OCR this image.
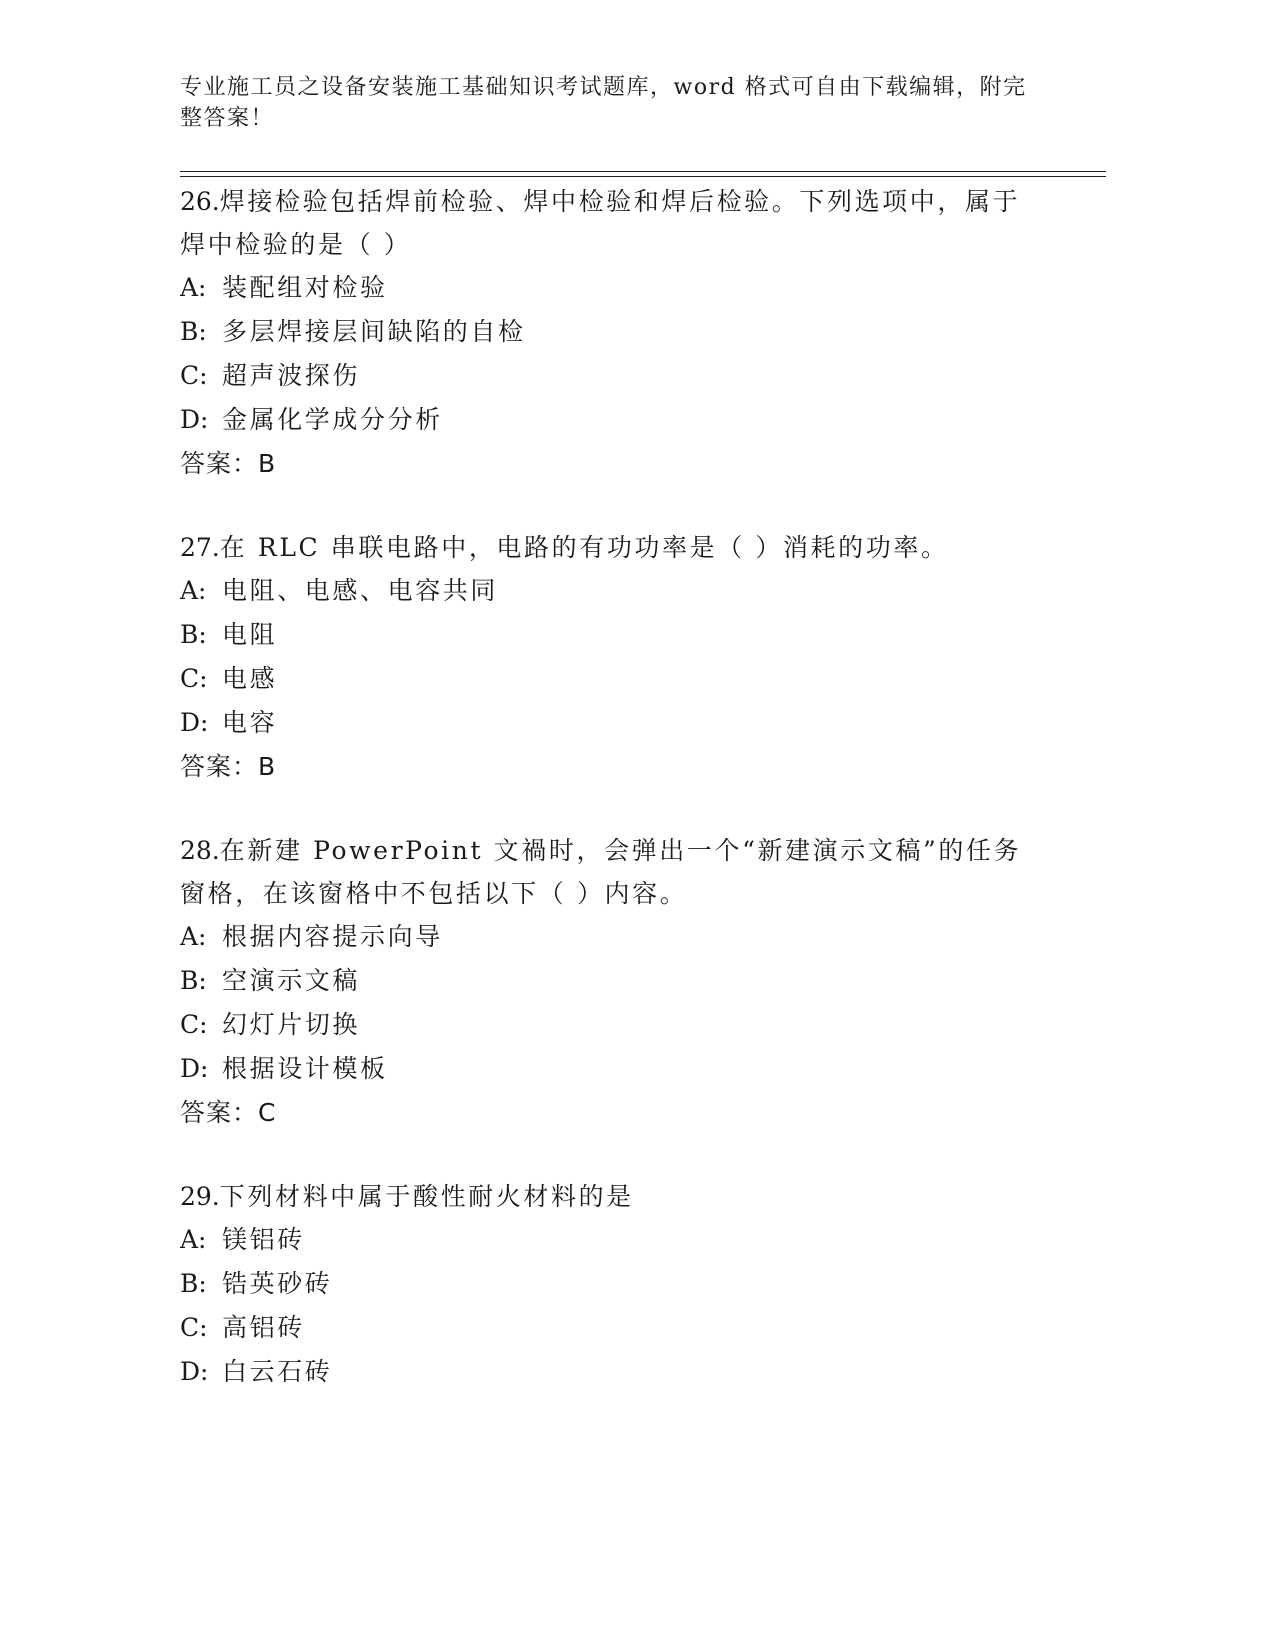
专业施工员之设备安装施工基础知识考试题库，word 格式可自由下载编辑，附完整答案！
26.焊接检验包括焊前检验、焊中检验和焊后检验。下列选项中，属于焊中检验的是（ ）
A: 装配组对检验
B: 多层焊接层间缺陷的自检
C: 超声波探伤
D: 金属化学成分分析
答案：B
27.在 RLC 串联电路中，电路的有功功率是（ ）消耗的功率。
A: 电阻、电感、电容共同
B: 电阻
C: 电感
D: 电容
答案：B
28.在新建 PowerPoint 文禍时，会弹出一个“新建演示文稿”的任务窗格，在该窗格中不包括以下（ ）内容。
A: 根据内容提示向导
B: 空演示文稿
C: 幻灯片切换
D: 根据设计模板
答案：C
29.下列材料中属于酸性耐火材料的是
A: 镁铝砖
B: 锆英砂砖
C: 高铝砖
D: 白云石砖
